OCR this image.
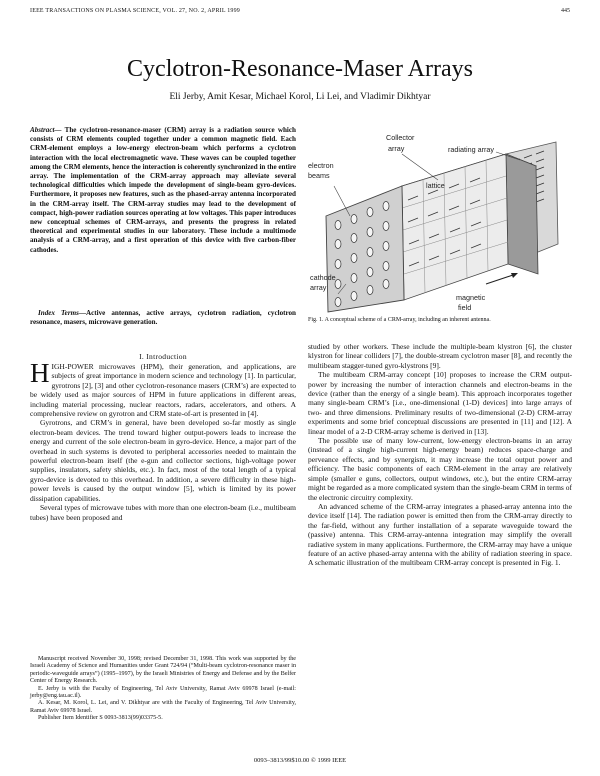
IEEE TRANSACTIONS ON PLASMA SCIENCE, VOL. 27, NO. 2, APRIL 1999	445
Cyclotron-Resonance-Maser Arrays
Eli Jerby, Amit Kesar, Michael Korol, Li Lei, and Vladimir Dikhtyar
Abstract— The cyclotron-resonance-maser (CRM) array is a radiation source which consists of CRM elements coupled together under a common magnetic field. Each CRM-element employs a low-energy electron-beam which performs a cyclotron interaction with the local electromagnetic wave. These waves can be coupled together among the CRM elements, hence the interaction is coherently synchronized in the entire array. The implementation of the CRM-array approach may alleviate several technological difficulties which impede the development of single-beam gyro-devices. Furthermore, it proposes new features, such as the phased-array antenna incorporated in the CRM-array itself. The CRM-array studies may lead to the development of compact, high-power radiation sources operating at low voltages. This paper introduces new conceptual schemes of CRM-arrays, and presents the progress in related theoretical and experimental studies in our laboratory. These include a multimode analysis of a CRM-array, and a first operation of this device with five carbon-fiber cathodes.
Index Terms—Active antennas, active arrays, cyclotron radiation, cyclotron resonance, masers, microwave generation.
I. Introduction

HIGH-POWER microwaves (HPM), their generation, and applications, are subjects of great importance in modern science and technology [1]. In particular, gyrotrons [2], [3] and other cyclotron-resonance masers (CRM’s) are expected to be widely used as major sources of HPM in future applications in different areas, including material processing, nuclear reactors, radars, accelerators, and others. A comprehensive review on gyrotron and CRM state-of-art is presented in [4].

Gyrotrons, and CRM’s in general, have been developed so-far mostly as single electron-beam devices. The trend toward higher output-powers leads to increase the energy and current of the sole electron-beam in gyro-device. Hence, a major part of the overhead in such systems is devoted to peripheral accessories needed to maintain the powerful electron-beam itself (the e-gun and collector sections, high-voltage power supplies, insulators, safety shields, etc.). In fact, most of the total length of a typical gyro-device is devoted to this overhead. In addition, a severe difficulty in these high-power levels is caused by the output window [5], which is limited by its power dissipation capabilities.

Several types of microwave tubes with more than one electron-beam (i.e., multibeam tubes) have been proposed and

Manuscript received November 30, 1998; revised December 31, 1998. This work was supported by the Israeli Academy of Science and Humanities under Grant 724/94 (“Multi-beam cyclotron-resonance maser in periodic-waveguide arrays”) (1995–1997), by the Israeli Ministries of Energy and Defense and by the Belfer Center of Energy Research.

E. Jerby is with the Faculty of Engineering, Tel Aviv University, Ramat Aviv 69978 Israel (e-mail: jerby@eng.tau.ac.il).

A. Kesar, M. Korol, L. Lei, and V. Dikhtyar are with the Faculty of Engineering, Tel Aviv University, Ramat Aviv 69978 Israel.

Publisher Item Identifier S 0093-3813(99)03375-5.

Collector
array	radiating array
electron
beams
lattice
cathode
array
magnetic
field
Fig. 1. A conceptual scheme of a CRM-array, including an inherent antenna.

studied by other workers. These include the multiple-beam klystron [6], the cluster klystron for linear colliders [7], the double-stream cyclotron maser [8], and recently the multibeam stagger-tuned gyro-klystrons [9].

The multibeam CRM-array concept [10] proposes to increase the CRM output-power by increasing the number of interaction channels and electron-beams in the device (rather than the energy of a single beam). This approach incorporates together many single-beam CRM’s [i.e., one-dimensional (1-D) devices] into large arrays of two- and three dimensions. Preliminary results of two-dimensional (2-D) CRM-array experiments and some brief conceptual discussions are presented in [11] and [12]. A linear model of a 2-D CRM-array scheme is derived in [13].

The possible use of many low-current, low-energy electron-beams in an array (instead of a single high-current high-energy beam) reduces space-charge and perveance effects, and by synergism, it may increase the total output power and efficiency. The basic components of each CRM-element in the array are relatively simple (smaller e guns, collectors, output windows, etc.), but the entire CRM-array might be regarded as a more complicated system than the single-beam CRM in terms of the electronic circuitry complexity.

An advanced scheme of the CRM-array integrates a phased-array antenna into the device itself [14]. The radiation power is emitted then from the CRM-array directly to the far-field, without any further installation of a separate waveguide toward the (passive) antenna. This CRM-array-antenna integration may simplify the overall radiative system in many applications. Furthermore, the CRM-array may have a unique feature of an active phased-array antenna with the ability of radiation steering in space. A schematic illustration of the multibeam CRM-array concept is presented in Fig. 1.

0093–3813/99$10.00 © 1999 IEEE
